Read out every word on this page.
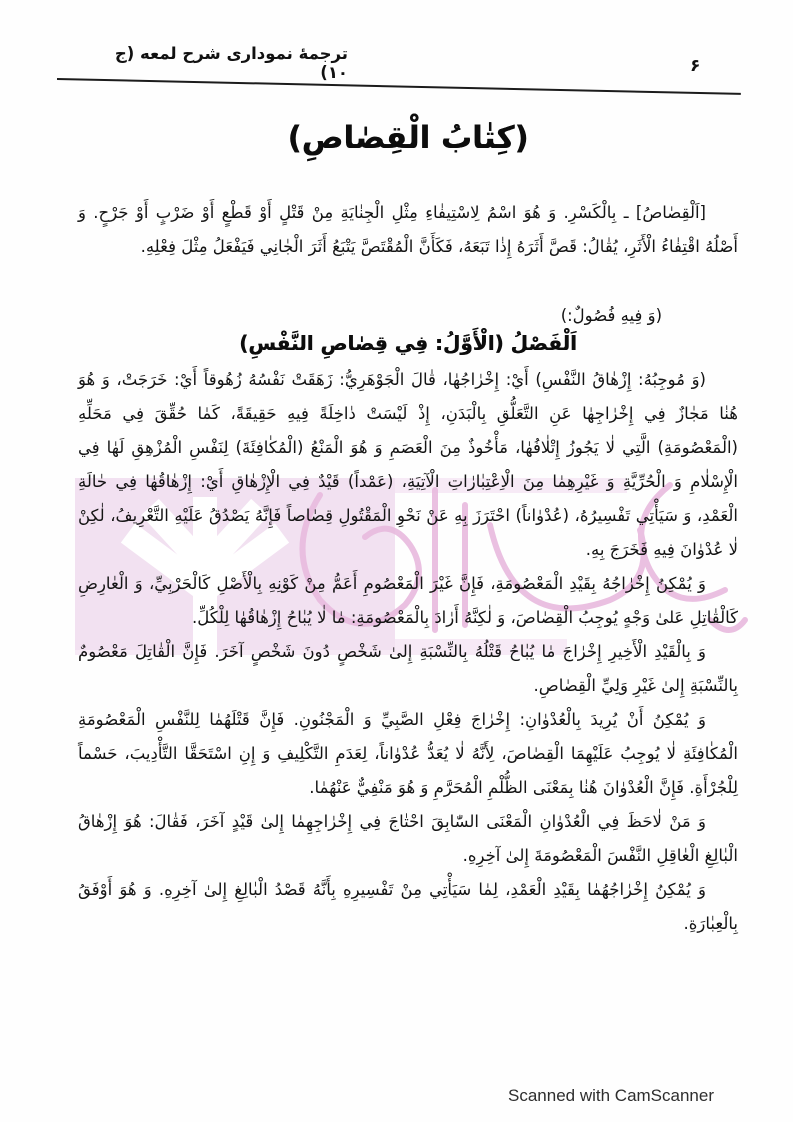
ترجمهٔ نموداری شرح لمعه (ج ۱۰)	۶
(كِتٰابُ الْقِصٰاصِ)

[اَلْقِصٰاصُ] ـ بِالْكَسْرِ. وَ هُوَ اسْمُ لِاسْتِيفٰاءِ مِثْلِ الْجِنٰايَةِ مِنْ قَتْلٍ أَوْ قَطْعٍ أَوْ ضَرْبٍ أَوْ جَرْحٍ. وَ أَصْلُهُ اقْتِفٰاءُ الْأَثَرِ، يُقٰالُ: قَصَّ أَثَرَهُ إِذٰا تَبَعَهُ، فَكَأَنَّ الْمُقْتَصَّ يَتْبَعُ أَثَرَ الْجٰانِي فَيَفْعَلُ مِثْلَ فِعْلِهِ.

(وَ فِيهِ فُصُولٌ:)
اَلْفَصْلُ (الْأَوَّلُ: فِي قِصٰاصِ النَّفْسِ)

(وَ مُوجِبُهُ: إِزْهٰاقُ النَّفْسِ) أَيْ: إِخْرٰاجُهٰا، قٰالَ الْجَوْهَرِيُّ: زَهَقَتْ نَفْسُهُ زُهُوقاً أَيْ: خَرَجَتْ، وَ هُوَ هُنٰا مَجٰازٌ فِي إِخْرٰاجِهٰا عَنِ التَّعَلُّقِ بِالْبَدَنِ، إِذْ لَيْسَتْ دٰاخِلَةً فِيهِ حَقِيقَةً، كَمٰا حُقِّقَ فِي مَحَلِّهِ (الْمَعْصُومَةِ) الَّتِي لٰا يَجُوزُ إِتْلٰافُهٰا، مَأْخُوذٌ مِنَ الْعَصَمِ وَ هُوَ الْمَنْعُ (الْمُكٰافِئَةَ) لِنَفْسِ الْمُزْهِقِ لَهٰا فِي الْإِسْلٰامِ وَ الْحُرِّيَّةِ وَ غَيْرِهِمٰا مِنَ الْاِعْتِبٰارٰاتِ الْآتِيَةِ، (عَمْداً) قَيْدٌ فِي الْإِزْهٰاقِ أَيْ: إِزْهٰاقُهٰا فِي حٰالَةِ الْعَمْدِ، وَ سَيَأْتِي تَفْسِيرُهُ، (عُدْوٰاناً) احْتَرَزَ بِهِ عَنْ نَحْوِ الْمَقْتُولِ قِصٰاصاً فَإِنَّهُ يَصْدُقُ عَلَيْهِ التَّعْرِيفُ، لٰكِنْ لٰا عُدْوٰانَ فِيهِ فَخَرَجَ بِهِ.

وَ يُمْكِنُ إِخْرٰاجُهُ بِقَيْدِ الْمَعْصُومَةِ، فَإِنَّ غَيْرَ الْمَعْصُومِ أَعَمُّ مِنْ كَوْنِهِ بِالْأَصْلِ كَالْحَرْبِيِّ، وَ الْعٰارِضِ كَالْقٰاتِلِ عَلىٰ وَجْهٍ يُوجِبُ الْقِصٰاصَ، وَ لٰكِنَّهُ أَرٰادَ بِالْمَعْصُومَةِ: مٰا لٰا يُبٰاحُ إِزْهٰاقُهٰا لِلْكُلِّ.

وَ بِالْقَيْدِ الْأَخِيرِ إِخْرٰاجَ مٰا يُبٰاحُ قَتْلُهُ بِالنِّسْبَةِ إِلىٰ شَخْصٍ دُونَ شَخْصٍ آخَرَ. فَإِنَّ الْقٰاتِلَ مَعْصُومٌ بِالنِّسْبَةِ إِلىٰ غَيْرِ وَلِيِّ الْقِصٰاصِ.

وَ يُمْكِنُ أَنْ يُرِيدَ بِالْعُدْوٰانِ: إِخْرٰاجَ فِعْلِ الصَّبِيِّ وَ الْمَجْنُونِ. فَإِنَّ قَتْلَهُمٰا لِلنَّفْسِ الْمَعْصُومَةِ الْمُكٰافِئَةِ لٰا يُوجِبُ عَلَيْهِمَا الْقِصٰاصَ، لِأَنَّهُ لٰا يُعَدُّ عُدْوٰاناً، لِعَدَمِ التَّكْلِيفِ وَ إِنِ اسْتَحَقَّا التَّأْدِيبَ، حَسْماً لِلْجُرْأَةِ. فَإِنَّ الْعُدْوٰانَ هُنٰا بِمَعْنَى الظُّلْمِ الْمُحَرَّمِ وَ هُوَ مَنْفِيٌّ عَنْهُمٰا.

وَ مَنْ لٰاحَظَ فِي الْعُدْوٰانِ الْمَعْنَى السّٰابِقَ احْتٰاجَ فِي إِخْرٰاجِهِمٰا إِلىٰ قَيْدٍ آخَرَ، فَقٰالَ: هُوَ إِزْهٰاقُ الْبٰالِغِ الْعٰاقِلِ النَّفْسَ الْمَعْصُومَةَ إِلىٰ آخِرِهِ.

وَ يُمْكِنُ إِخْرٰاجُهُمٰا بِقَيْدِ الْعَمْدِ، لِمٰا سَيَأْتِي مِنْ تَفْسِيرِهِ بِأَنَّهُ قَصْدُ الْبٰالِغِ إِلىٰ آخِرِهِ. وَ هُوَ أَوْفَقُ بِالْعِبٰارَةِ.

Scanned with CamScanner
